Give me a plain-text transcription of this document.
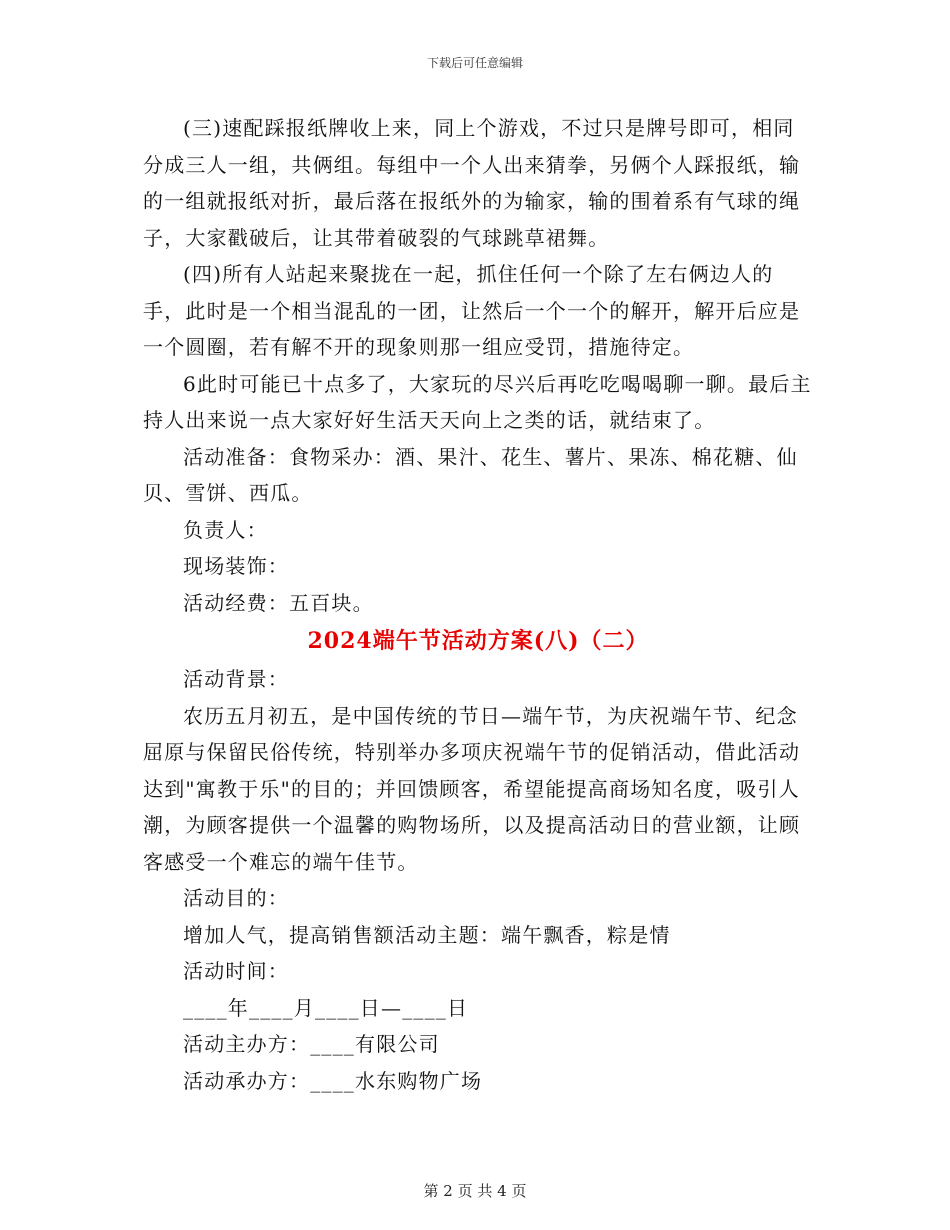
下载后可任意编辑

(三)速配踩报纸牌收上来，同上个游戏，不过只是牌号即可，相同分成三人一组，共俩组。每组中一个人出来猜拳，另俩个人踩报纸，输的一组就报纸对折，最后落在报纸外的为输家，输的围着系有气球的绳子，大家戳破后，让其带着破裂的气球跳草裙舞。

(四)所有人站起来聚拢在一起，抓住任何一个除了左右俩边人的手，此时是一个相当混乱的一团，让然后一个一个的解开，解开后应是一个圆圈，若有解不开的现象则那一组应受罚，措施待定。

6此时可能已十点多了，大家玩的尽兴后再吃吃喝喝聊一聊。最后主持人出来说一点大家好好生活天天向上之类的话，就结束了。

活动准备：食物采办：酒、果汁、花生、薯片、果冻、棉花糖、仙贝、雪饼、西瓜。

负责人：

现场装饰：

活动经费：五百块。

2024端午节活动方案(八)（二）

活动背景：

农历五月初五，是中国传统的节日—端午节，为庆祝端午节、纪念屈原与保留民俗传统，特别举办多项庆祝端午节的促销活动，借此活动达到"寓教于乐"的目的；并回馈顾客，希望能提高商场知名度，吸引人潮，为顾客提供一个温馨的购物场所，以及提高活动日的营业额，让顾客感受一个难忘的端午佳节。

活动目的：

增加人气，提高销售额活动主题：端午飘香，粽是情

活动时间：

____年____月____日—____日

活动主办方：____有限公司

活动承办方：____水东购物广场

第 2 页 共 4 页
